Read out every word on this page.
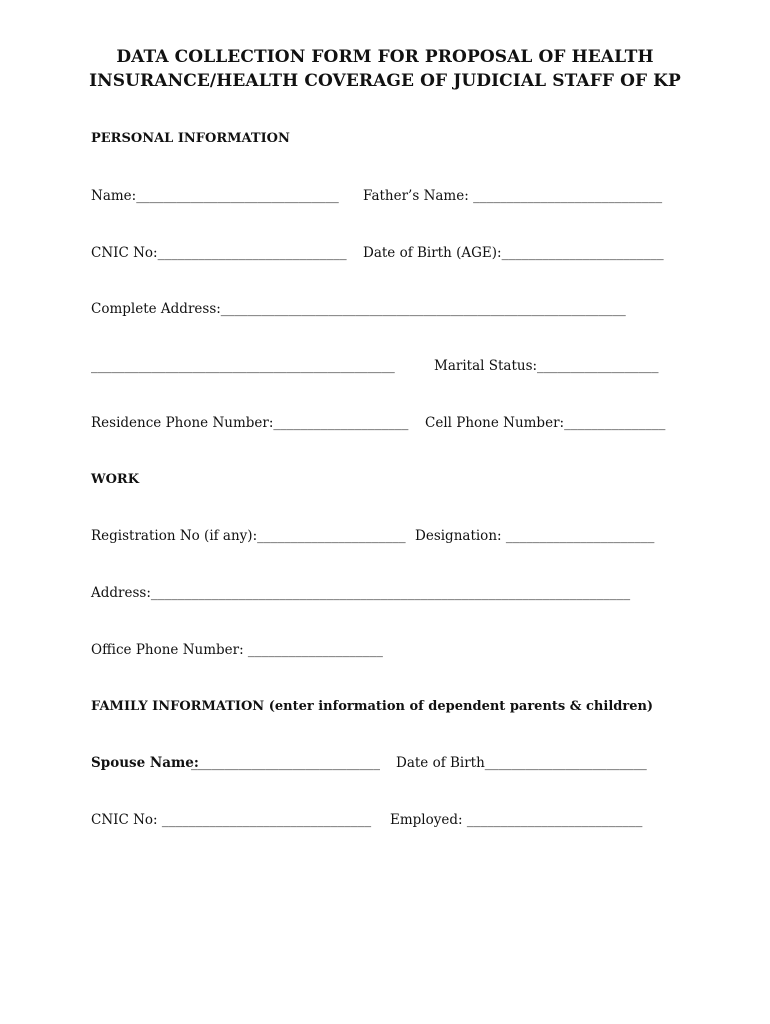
DATA COLLECTION FORM FOR PROPOSAL OF HEALTH
INSURANCE/HEALTH COVERAGE OF JUDICIAL STAFF OF KP
PERSONAL INFORMATION
Name:______________________________ Father’s Name: ____________________________
CNIC No:____________________________ Date of Birth (AGE):________________________
Complete Address:____________________________________________________________
_____________________________________________	Marital Status:__________________
Residence Phone Number:____________________ Cell Phone Number:_______________
WORK
Registration No (if any):______________________ Designation: ______________________
Address:_______________________________________________________________________
Office Phone Number: ____________________
FAMILY INFORMATION (enter information of dependent parents & children)
Spouse Name:
____________________________ Date of Birth________________________
CNIC No: _______________________________ Employed: __________________________
